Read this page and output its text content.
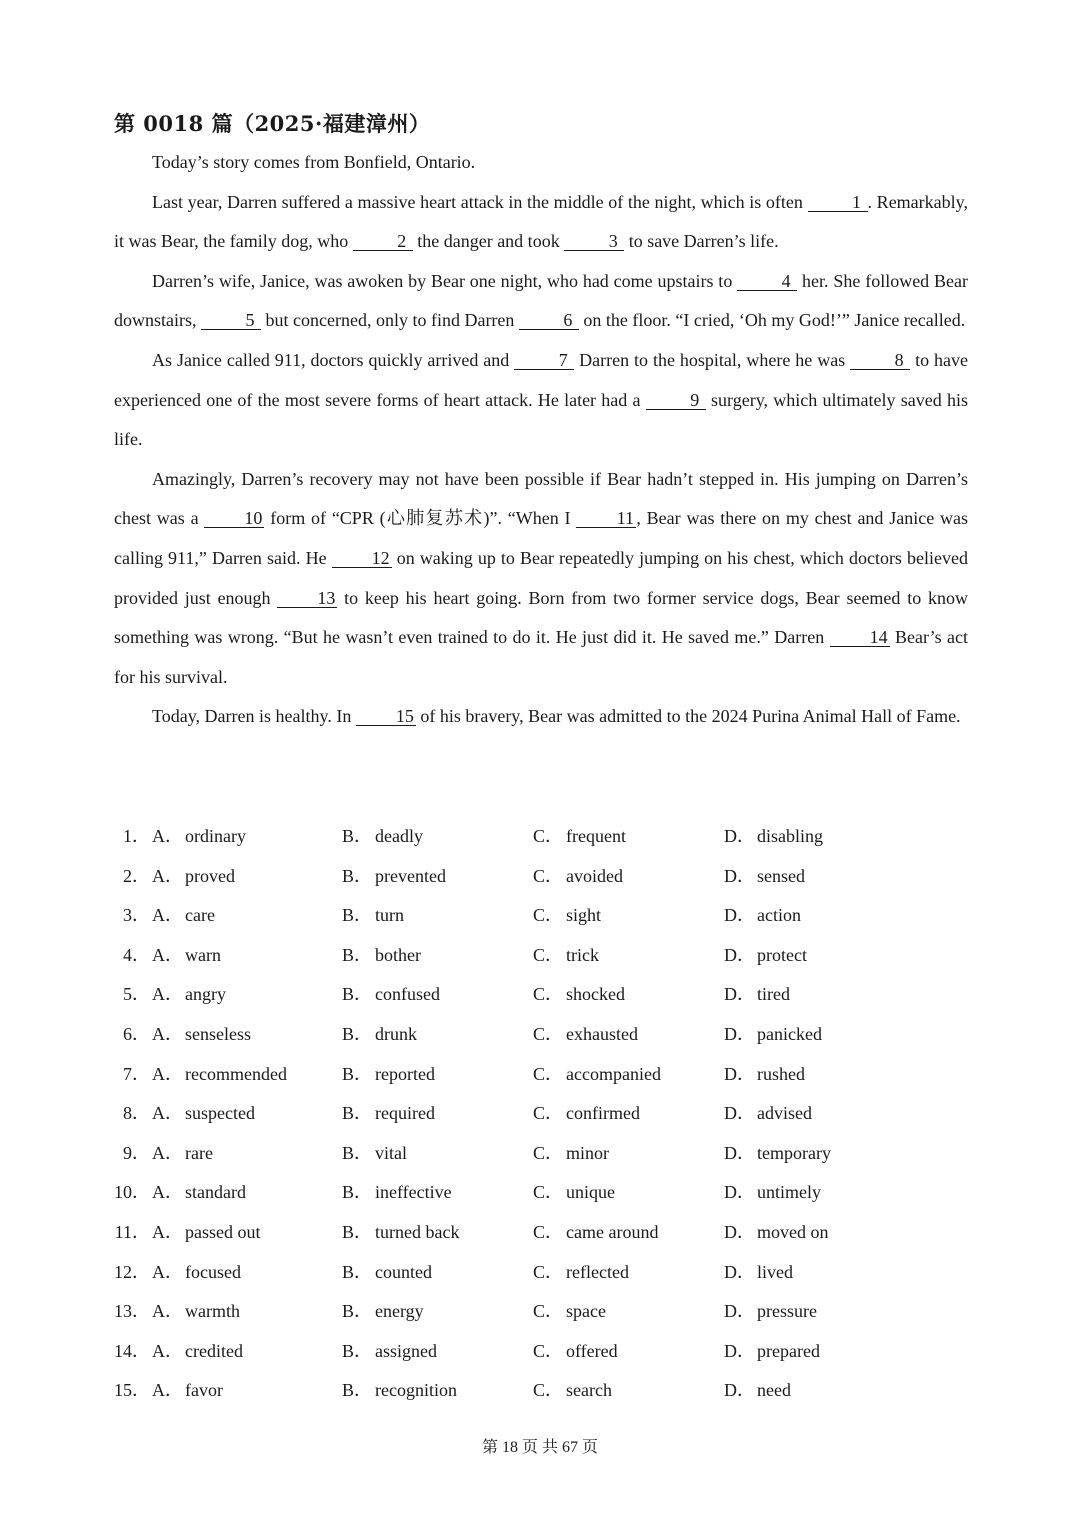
第 0018 篇（2025·福建漳州）

Today’s story comes from Bonfield, Ontario.

Last year, Darren suffered a massive heart attack in the middle of the night, which is often 1 . Remarkably, it was Bear, the family dog, who 2 the danger and took 3 to save Darren’s life.

Darren’s wife, Janice, was awoken by Bear one night, who had come upstairs to 4 her. She followed Bear downstairs, 5 but concerned, only to find Darren 6 on the floor. “I cried, ‘Oh my God!’” Janice recalled.

As Janice called 911, doctors quickly arrived and 7 Darren to the hospital, where he was 8 to have experienced one of the most severe forms of heart attack. He later had a 9 surgery, which ultimately saved his life.

Amazingly, Darren’s recovery may not have been possible if Bear hadn’t stepped in. His jumping on Darren’s chest was a 10 form of “CPR (心肺复苏术)”. “When I 11 , Bear was there on my chest and Janice was calling 911,” Darren said. He 12 on waking up to Bear repeatedly jumping on his chest, which doctors believed provided just enough 13 to keep his heart going. Born from two former service dogs, Bear seemed to know something was wrong. “But he wasn’t even trained to do it. He just did it. He saved me.” Darren 14 Bear’s act for his survival.

Today, Darren is healthy. In 15 of his bravery, Bear was admitted to the 2024 Purina Animal Hall of Fame.

1． A． ordinary	B． deadly	C． frequent	D． disabling
2． A． proved	B． prevented	C． avoided	D． sensed
3． A． care	B． turn	C． sight	D． action
4． A． warn	B． bother	C． trick	D． protect
5． A． angry	B． confused	C． shocked	D． tired
6． A． senseless	B． drunk	C． exhausted	D． panicked
7． A． recommended	B． reported	C． accompanied	D． rushed
8． A． suspected	B． required	C． confirmed	D． advised
9． A． rare	B． vital	C． minor	D． temporary
10． A． standard	B． ineffective	C． unique	D． untimely
11． A． passed out	B． turned back	C． came around	D． moved on
12． A． focused	B． counted	C． reflected	D． lived
13． A． warmth	B． energy	C． space	D． pressure
14． A． credited	B． assigned	C． offered	D． prepared
15． A． favor	B． recognition	C． search	D． need
第 18 页 共 67 页
